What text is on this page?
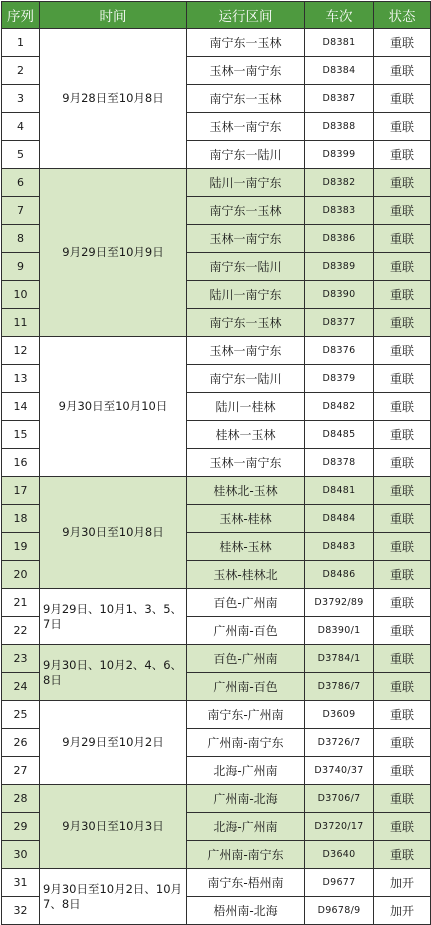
序列	时间	运行区间	车次	状态
1	9月28日至10月8日	南宁东一玉林	D8381	重联
2		玉林一南宁东	D8384	重联
3		南宁东一玉林	D8387	重联
4		玉林一南宁东	D8388	重联
5		南宁东一陆川	D8399	重联
6	9月29日至10月9日	陆川一南宁东	D8382	重联
7		南宁东一玉林	D8383	重联
8		玉林一南宁东	D8386	重联
9		南宁东一陆川	D8389	重联
10		陆川一南宁东	D8390	重联
11		南宁东一玉林	D8377	重联
12	9月30日至10月10日	玉林一南宁东	D8376	重联
13		南宁东一陆川	D8379	重联
14		陆川一桂林	D8482	重联
15		桂林一玉林	D8485	重联
16		玉林一南宁东	D8378	重联
17	9月30日至10月8日	桂林北-玉林	D8481	重联
18		玉林-桂林	D8484	重联
19		桂林-玉林	D8483	重联
20		玉林-桂林北	D8486	重联
21	9月29日、10月1、3、5、7日	百色-广州南	D3792/89	重联
22		广州南-百色	D8390/1	重联
23	9月30日、10月2、4、6、8日	百色-广州南	D3784/1	重联
24		广州南-百色	D3786/7	重联
25	9月29日至10月2日	南宁东-广州南	D3609	重联
26		广州南-南宁东	D3726/7	重联
27		北海-广州南	D3740/37	重联
28	9月30日至10月3日	广州南-北海	D3706/7	重联
29		北海-广州南	D3720/17	重联
30		广州南-南宁东	D3640	重联
31	9月30日至10月2日、10月7、8日	南宁东-梧州南	D9677	加开
32		梧州南-北海	D9678/9	加开
